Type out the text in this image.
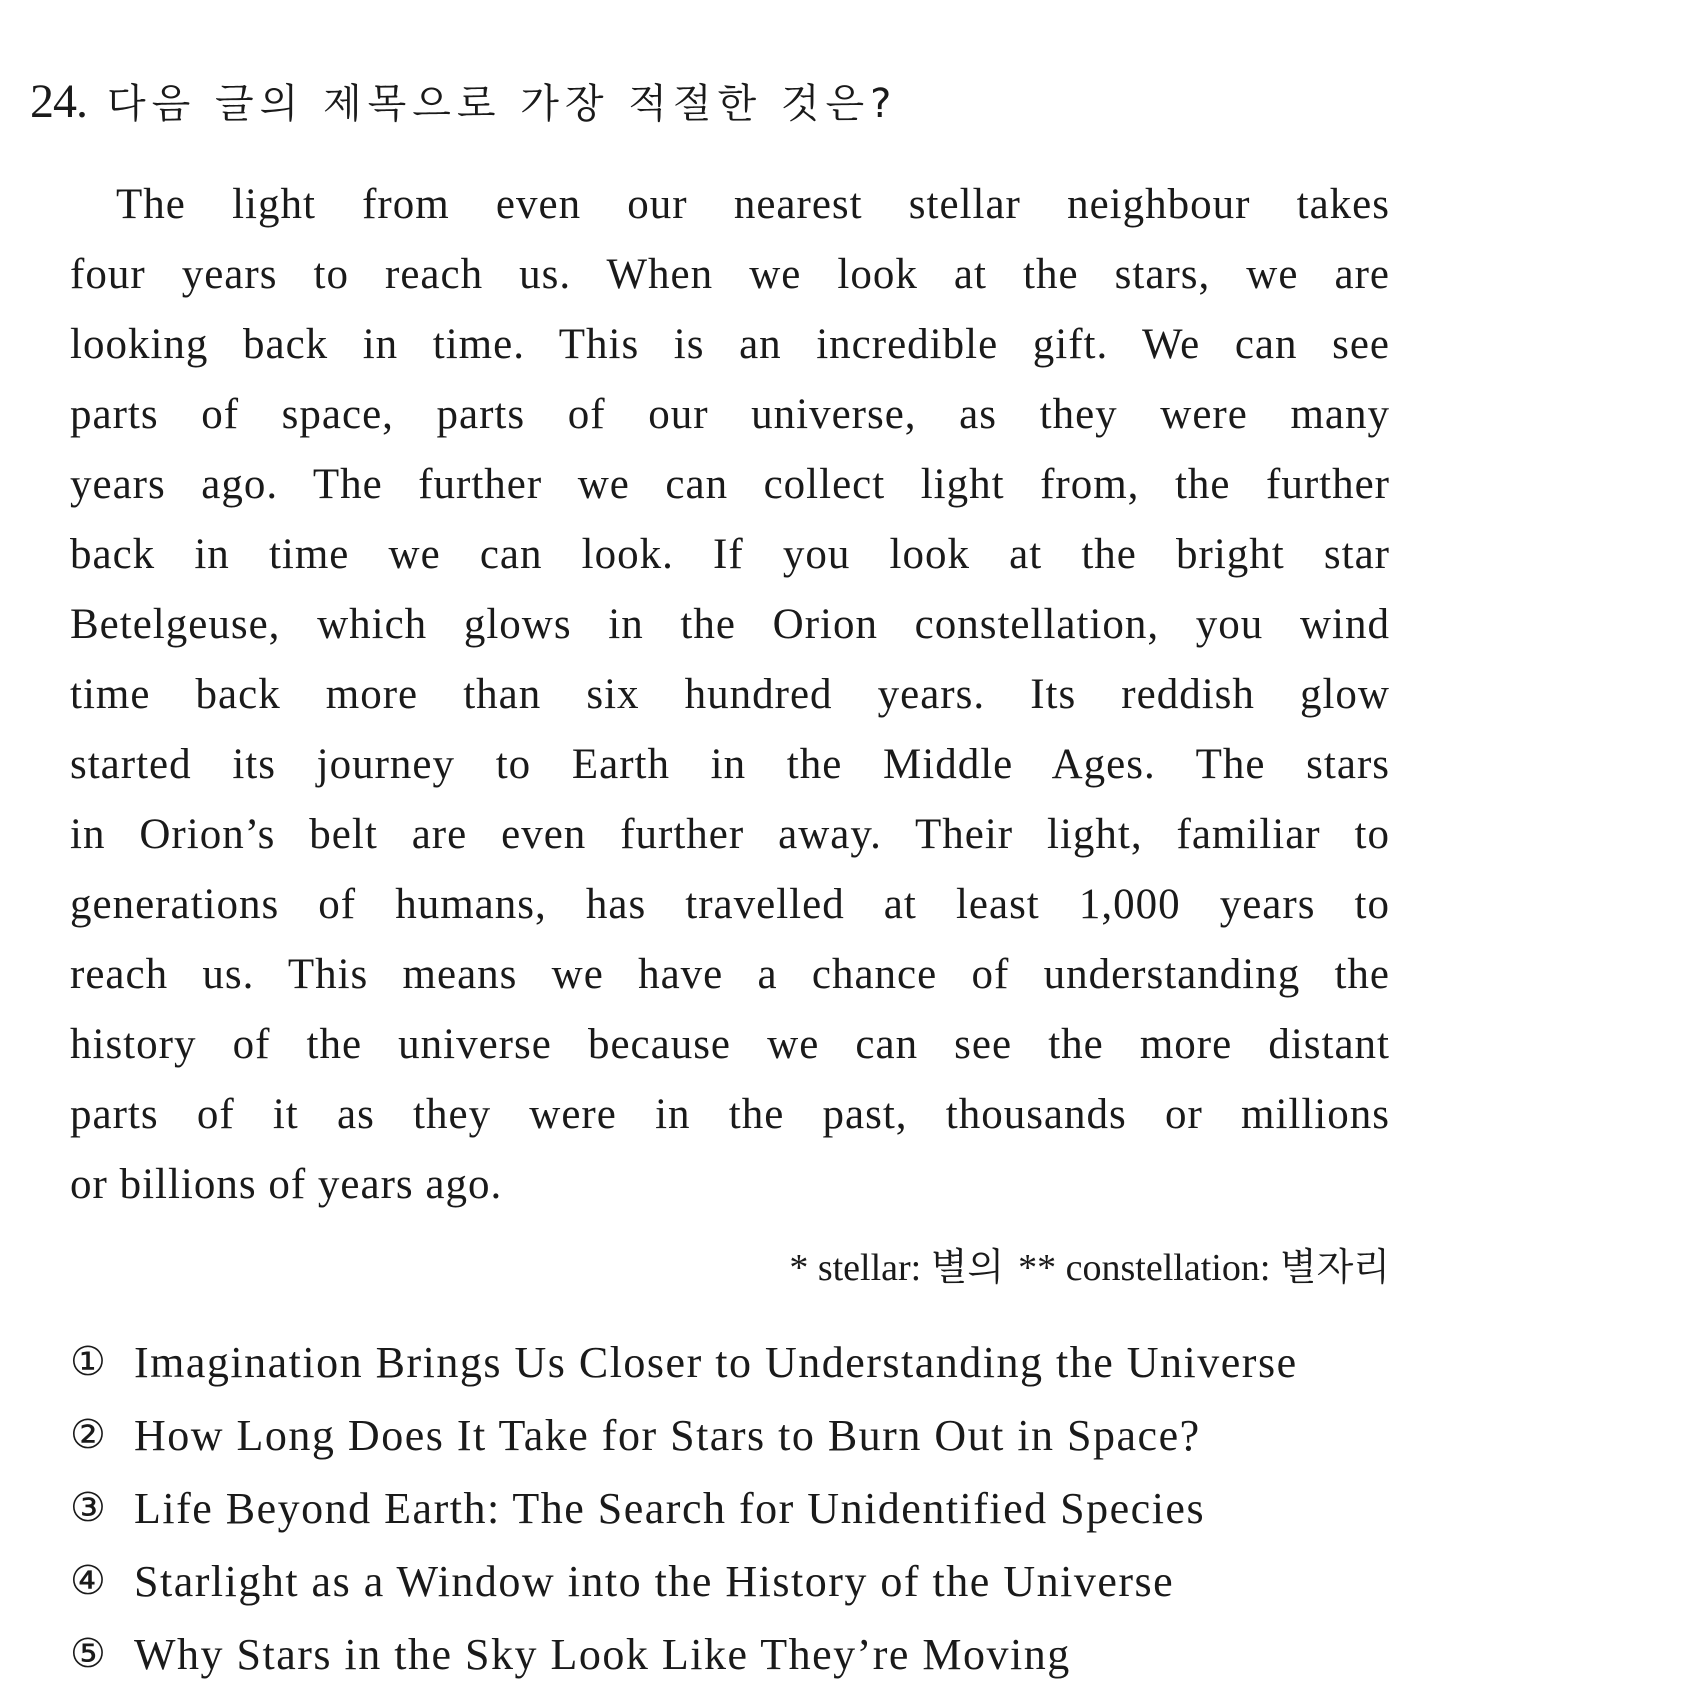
24. 다음 글의 제목으로 가장 적절한 것은?
The light from even our nearest stellar neighbour takes
four years to reach us. When we look at the stars, we are
looking back in time. This is an incredible gift. We can see
parts of space, parts of our universe, as they were many
years ago. The further we can collect light from, the further
back in time we can look. If you look at the bright star
Betelgeuse, which glows in the Orion constellation, you wind
time back more than six hundred years. Its reddish glow
started its journey to Earth in the Middle Ages. The stars
in Orion’s belt are even further away. Their light, familiar to
generations of humans, has travelled at least 1,000 years to
reach us. This means we have a chance of understanding the
history of the universe because we can see the more distant
parts of it as they were in the past, thousands or millions
or billions of years ago.
* stellar: 별의 ** constellation: 별자리
① Imagination Brings Us Closer to Understanding the Universe
② How Long Does It Take for Stars to Burn Out in Space?
③ Life Beyond Earth: The Search for Unidentified Species
④ Starlight as a Window into the History of the Universe
⑤ Why Stars in the Sky Look Like They’re Moving
